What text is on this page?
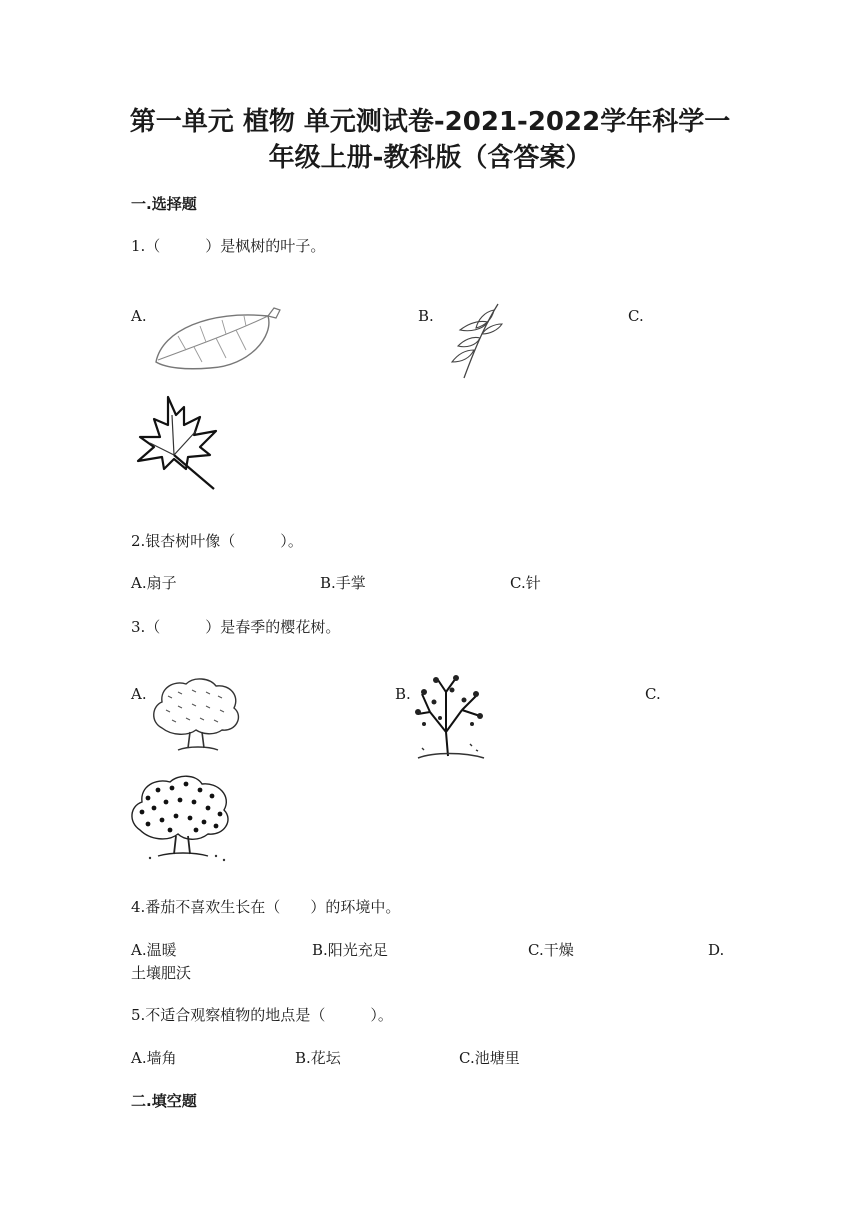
第一单元 植物 单元测试卷-2021-2022学年科学一
年级上册-教科版（含答案）
一.选择题
1.（　　　）是枫树的叶子。
A.	B.	C.
2.银杏树叶像（　　　）。
A.扇子	B.手掌	C.针
3.（　　　）是春季的樱花树。
A.	B.	C.
4.番茄不喜欢生长在（　　）的环境中。
A.温暖	B.阳光充足	C.干燥	D.
土壤肥沃
5.不适合观察植物的地点是（　　　）。
A.墙角	B.花坛	C.池塘里
二.填空题
